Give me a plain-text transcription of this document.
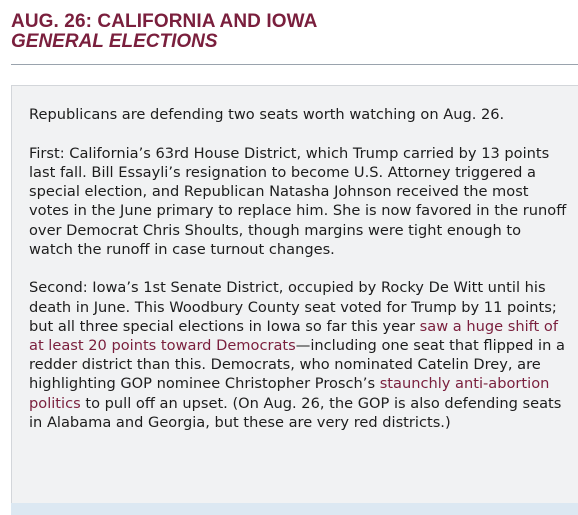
AUG. 26: CALIFORNIA AND IOWA
GENERAL ELECTIONS

Republicans are defending two seats worth watching on Aug. 26.

First: California’s 63rd House District, which Trump carried by 13 points last fall. Bill Essayli’s resignation to become U.S. Attorney triggered a special election, and Republican Natasha Johnson received the most votes in the June primary to replace him. She is now favored in the runoff over Democrat Chris Shoults, though margins were tight enough to watch the runoff in case turnout changes.

Second: Iowa’s 1st Senate District, occupied by Rocky De Witt until his death in June. This Woodbury County seat voted for Trump by 11 points; but all three special elections in Iowa so far this year saw a huge shift of at least 20 points toward Democrats—including one seat that flipped in a redder district than this. Democrats, who nominated Catelin Drey, are highlighting GOP nominee Christopher Prosch’s staunchly anti-abortion politics to pull off an upset. (On Aug. 26, the GOP is also defending seats in Alabama and Georgia, but these are very red districts.)
